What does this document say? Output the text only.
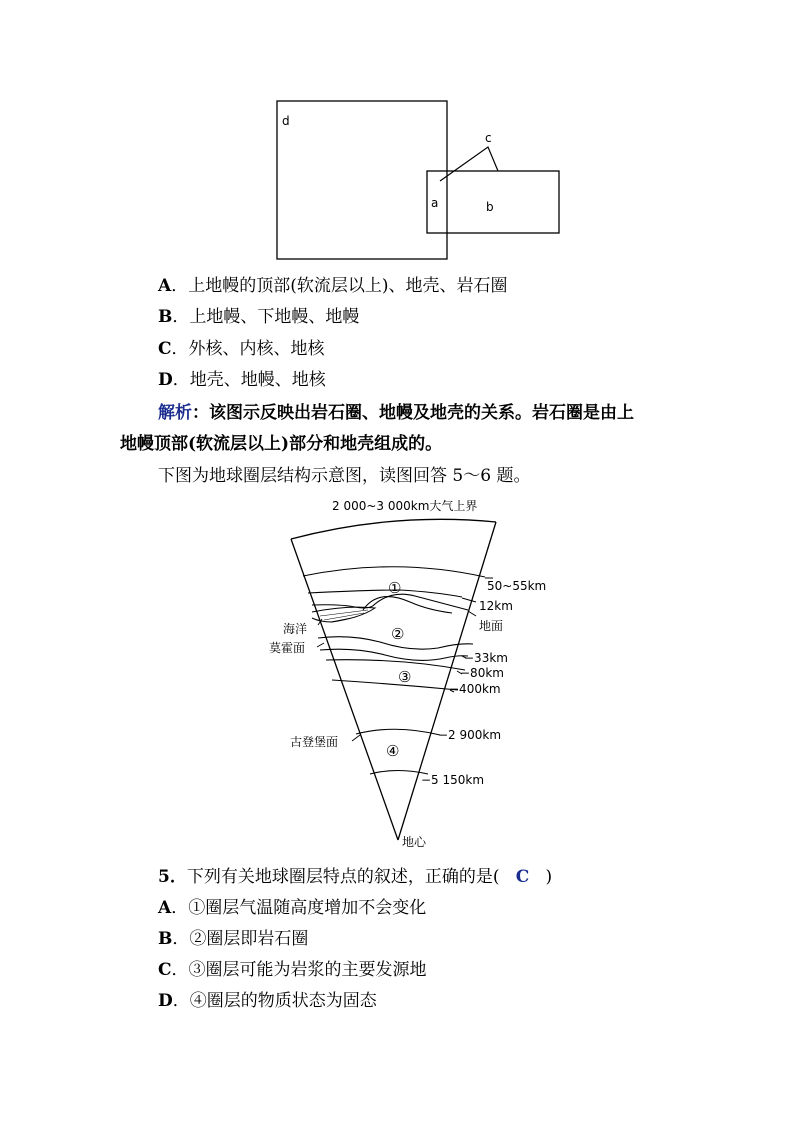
d
c
a	b
A．上地幔的顶部(软流层以上)、地壳、岩石圈
B．上地幔、下地幔、地幔
C．外核、内核、地核
D．地壳、地幔、地核
解析：该图示反映出岩石圈、地幔及地壳的关系。岩石圈是由上
地幔顶部(软流层以上)部分和地壳组成的。
下图为地球圈层结构示意图，读图回答 5～6 题。
2 000~3 000km大气上界
①
②
③
④
海洋
莫霍面
古登堡面
50~55km
12km
地面
−33km
−80km
−400km
−2 900km
−5 150km
地心
5．下列有关地球圈层特点的叙述，正确的是( C )
A．①圈层气温随高度增加不会变化
B．②圈层即岩石圈
C．③圈层可能为岩浆的主要发源地
D．④圈层的物质状态为固态
